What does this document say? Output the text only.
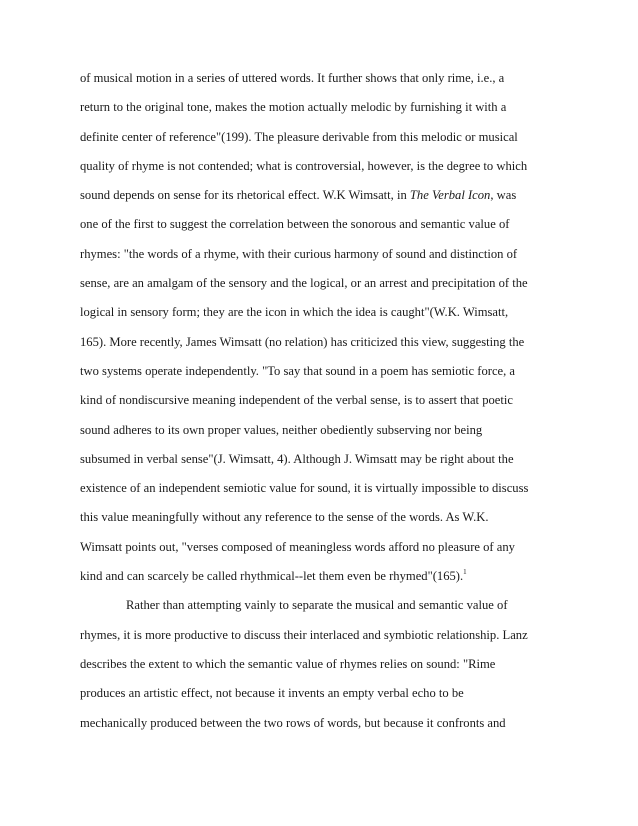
of musical motion in a series of uttered words. It further shows that only rime, i.e., a
return to the original tone, makes the motion actually melodic by furnishing it with a
definite center of reference"(199). The pleasure derivable from this melodic or musical
quality of rhyme is not contended; what is controversial, however, is the degree to which
sound depends on sense for its rhetorical effect. W.K Wimsatt, in The Verbal Icon, was
one of the first to suggest the correlation between the sonorous and semantic value of
rhymes: "the words of a rhyme, with their curious harmony of sound and distinction of
sense, are an amalgam of the sensory and the logical, or an arrest and precipitation of the
logical in sensory form; they are the icon in which the idea is caught"(W.K. Wimsatt,
165). More recently, James Wimsatt (no relation) has criticized this view, suggesting the
two systems operate independently. "To say that sound in a poem has semiotic force, a
kind of nondiscursive meaning independent of the verbal sense, is to assert that poetic
sound adheres to its own proper values, neither obediently subserving nor being
subsumed in verbal sense"(J. Wimsatt, 4). Although J. Wimsatt may be right about the
existence of an independent semiotic value for sound, it is virtually impossible to discuss
this value meaningfully without any reference to the sense of the words. As W.K.
Wimsatt points out, "verses composed of meaningless words afford no pleasure of any
kind and can scarcely be called rhythmical--let them even be rhymed"(165).$^1$
Rather than attempting vainly to separate the musical and semantic value of
rhymes, it is more productive to discuss their interlaced and symbiotic relationship. Lanz
describes the extent to which the semantic value of rhymes relies on sound: "Rime
produces an artistic effect, not because it invents an empty verbal echo to be
mechanically produced between the two rows of words, but because it confronts and
